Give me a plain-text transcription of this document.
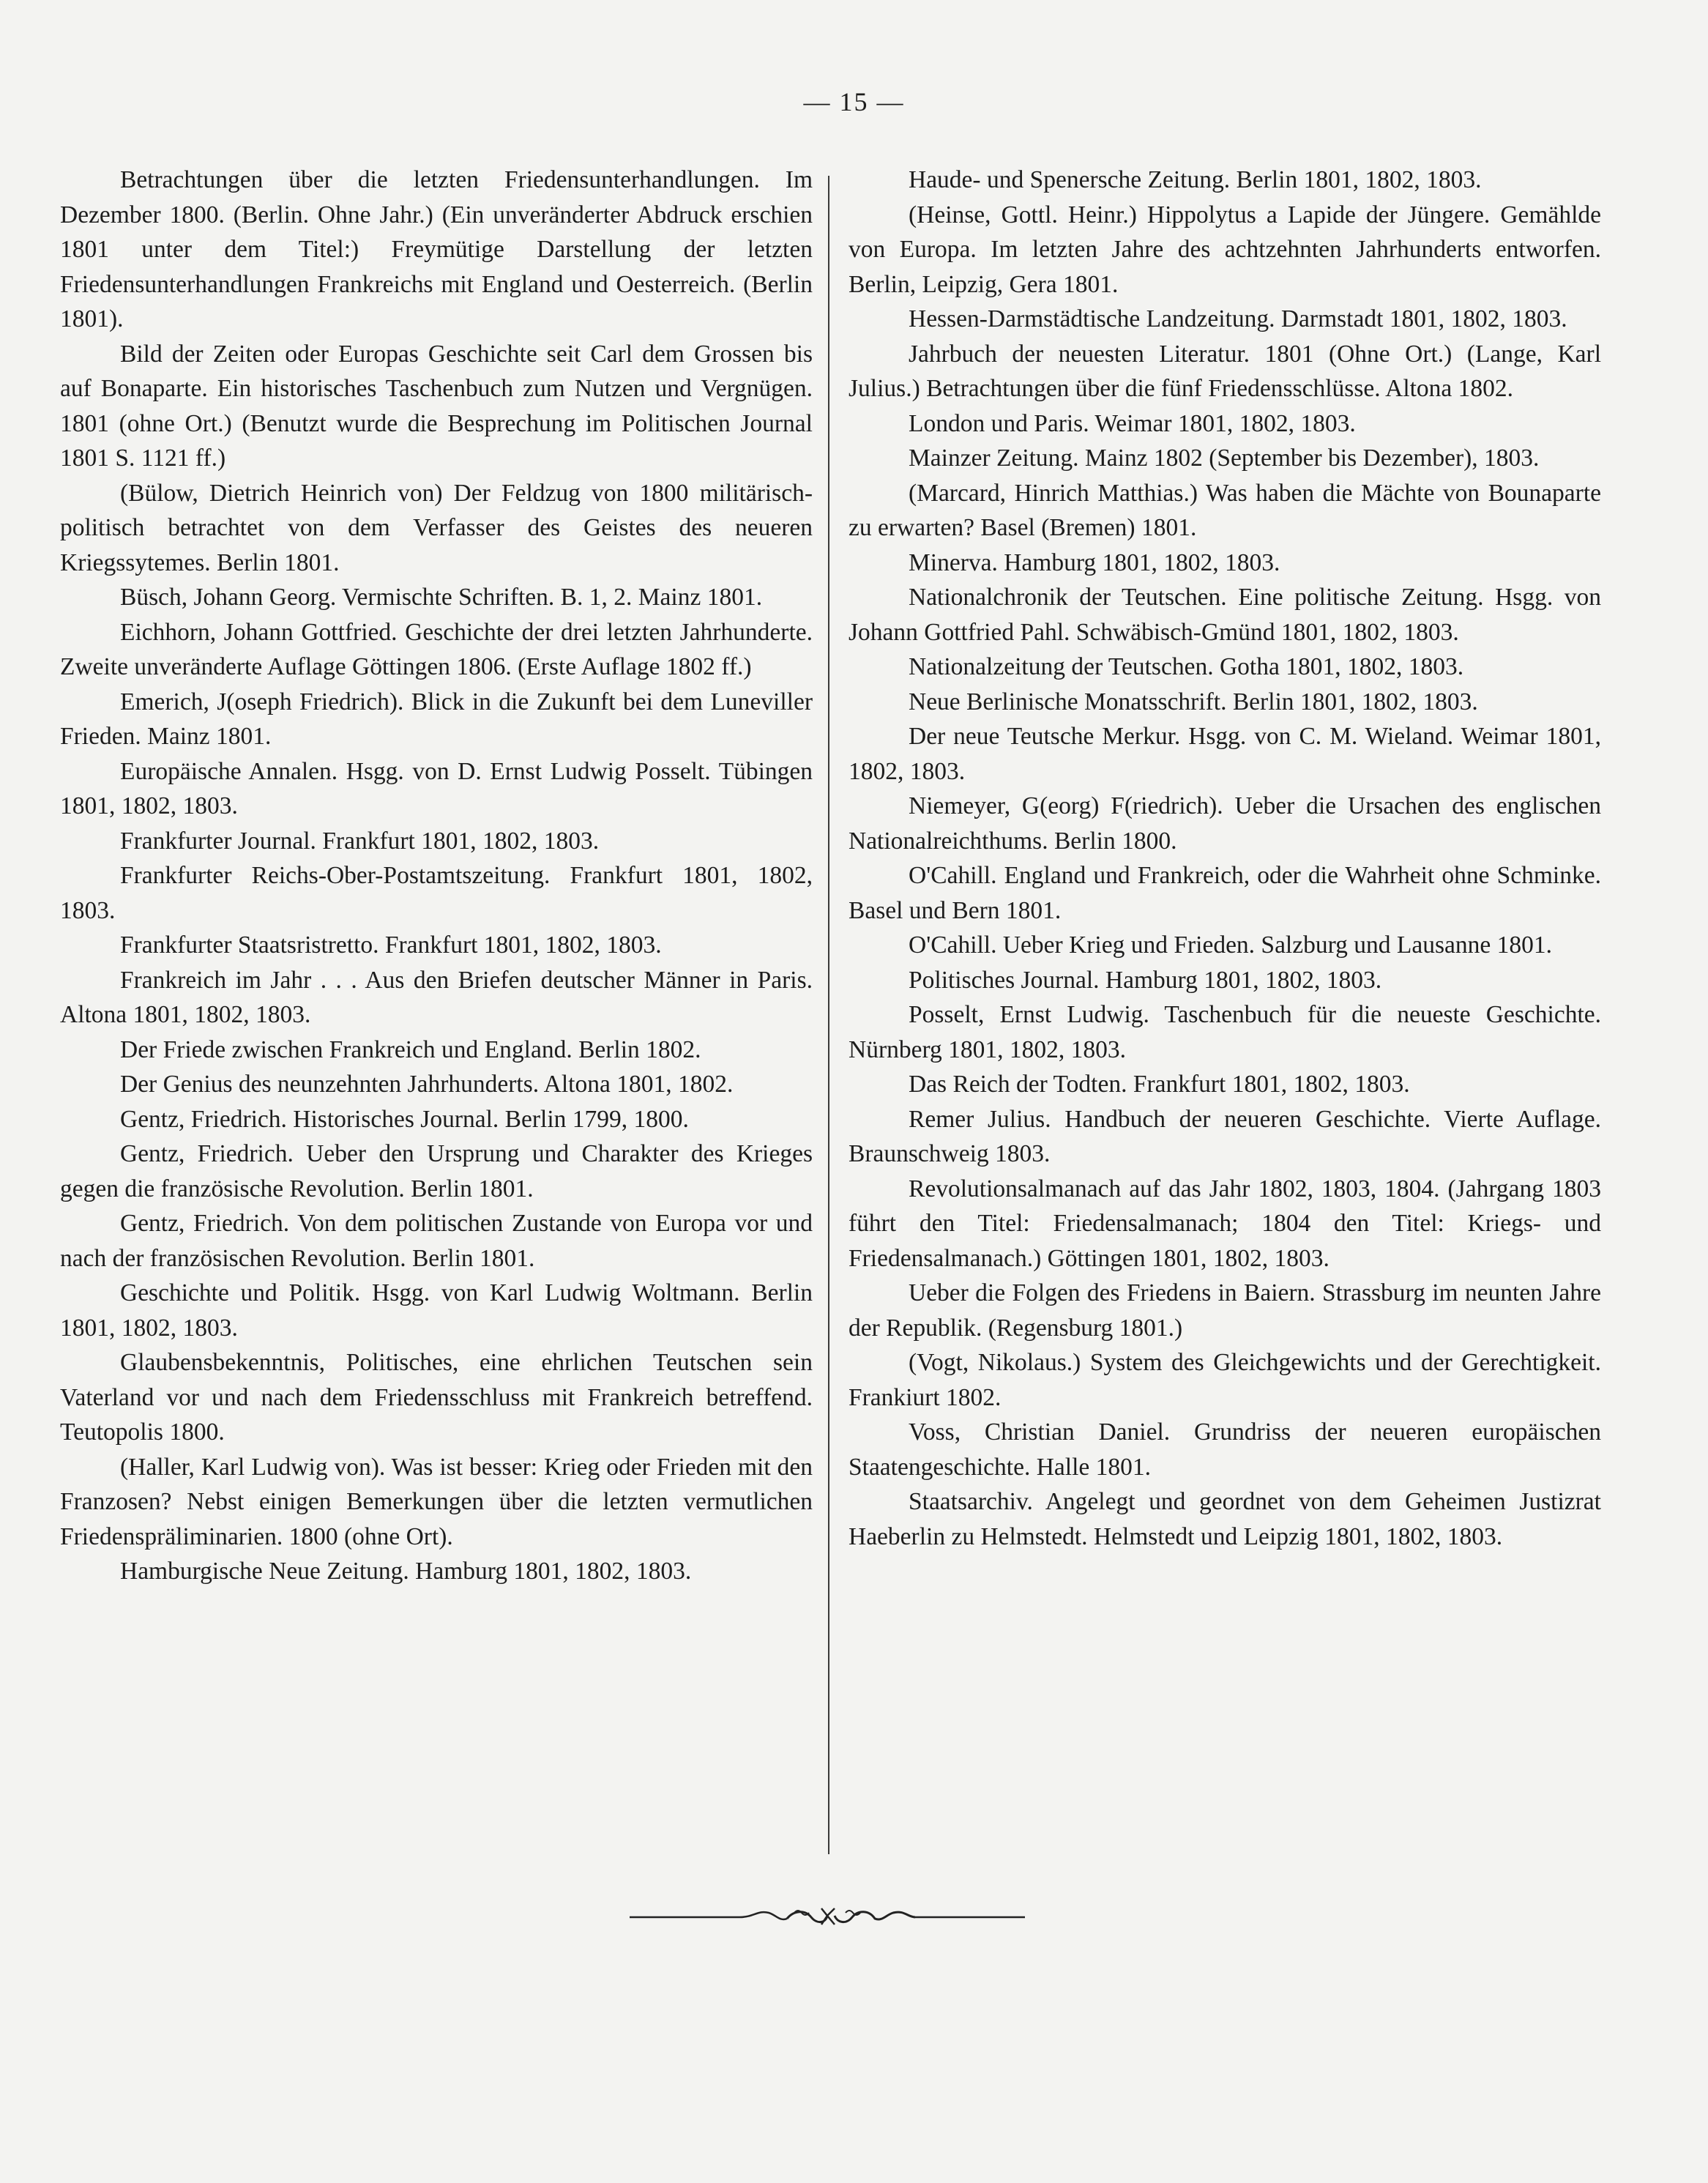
— 15 —

Betrachtungen über die letzten Friedensunterhandlungen. Im Dezember 1800. (Berlin. Ohne Jahr.) (Ein unveränderter Abdruck erschien 1801 unter dem Titel:) Freymütige Darstellung der letzten Friedensunterhandlungen Frankreichs mit England und Oesterreich. (Berlin 1801).

Bild der Zeiten oder Europas Geschichte seit Carl dem Grossen bis auf Bonaparte. Ein historisches Taschenbuch zum Nutzen und Vergnügen. 1801 (ohne Ort.) (Benutzt wurde die Besprechung im Politischen Journal 1801 S. 1121 ff.)

(Bülow, Dietrich Heinrich von) Der Feldzug von 1800 militärisch-politisch betrachtet von dem Verfasser des Geistes des neueren Kriegssytemes. Berlin 1801.

Büsch, Johann Georg. Vermischte Schriften. B. 1, 2. Mainz 1801.

Eichhorn, Johann Gottfried. Geschichte der drei letzten Jahrhunderte. Zweite unveränderte Auflage Göttingen 1806. (Erste Auflage 1802 ff.)

Emerich, J(oseph Friedrich). Blick in die Zukunft bei dem Luneviller Frieden. Mainz 1801.

Europäische Annalen. Hsgg. von D. Ernst Ludwig Posselt. Tübingen 1801, 1802, 1803.

Frankfurter Journal. Frankfurt 1801, 1802, 1803.

Frankfurter Reichs-Ober-Postamtszeitung. Frankfurt 1801, 1802, 1803.

Frankfurter Staatsristretto. Frankfurt 1801, 1802, 1803.

Frankreich im Jahr . . . Aus den Briefen deutscher Männer in Paris. Altona 1801, 1802, 1803.

Der Friede zwischen Frankreich und England. Berlin 1802.

Der Genius des neunzehnten Jahrhunderts. Altona 1801, 1802.

Gentz, Friedrich. Historisches Journal. Berlin 1799, 1800.

Gentz, Friedrich. Ueber den Ursprung und Charakter des Krieges gegen die französische Revolution. Berlin 1801.

Gentz, Friedrich. Von dem politischen Zustande von Europa vor und nach der französischen Revolution. Berlin 1801.

Geschichte und Politik. Hsgg. von Karl Ludwig Woltmann. Berlin 1801, 1802, 1803.

Glaubensbekenntnis, Politisches, eine ehrlichen Teutschen sein Vaterland vor und nach dem Friedensschluss mit Frankreich betreffend. Teutopolis 1800.

(Haller, Karl Ludwig von). Was ist besser: Krieg oder Frieden mit den Franzosen? Nebst einigen Bemerkungen über die letzten vermutlichen Friedenspräliminarien. 1800 (ohne Ort).

Hamburgische Neue Zeitung. Hamburg 1801, 1802, 1803.

Haude- und Spenersche Zeitung. Berlin 1801, 1802, 1803.

(Heinse, Gottl. Heinr.) Hippolytus a Lapide der Jüngere. Gemählde von Europa. Im letzten Jahre des achtzehnten Jahrhunderts entworfen. Berlin, Leipzig, Gera 1801.

Hessen-Darmstädtische Landzeitung. Darmstadt 1801, 1802, 1803.

Jahrbuch der neuesten Literatur. 1801 (Ohne Ort.) (Lange, Karl Julius.) Betrachtungen über die fünf Friedensschlüsse. Altona 1802.

London und Paris. Weimar 1801, 1802, 1803.

Mainzer Zeitung. Mainz 1802 (September bis Dezember), 1803.

(Marcard, Hinrich Matthias.) Was haben die Mächte von Bounaparte zu erwarten? Basel (Bremen) 1801.

Minerva. Hamburg 1801, 1802, 1803.

Nationalchronik der Teutschen. Eine politische Zeitung. Hsgg. von Johann Gottfried Pahl. Schwäbisch-Gmünd 1801, 1802, 1803.

Nationalzeitung der Teutschen. Gotha 1801, 1802, 1803.

Neue Berlinische Monatsschrift. Berlin 1801, 1802, 1803.

Der neue Teutsche Merkur. Hsgg. von C. M. Wieland. Weimar 1801, 1802, 1803.

Niemeyer, G(eorg) F(riedrich). Ueber die Ursachen des englischen Nationalreichthums. Berlin 1800.

O'Cahill. England und Frankreich, oder die Wahrheit ohne Schminke. Basel und Bern 1801.

O'Cahill. Ueber Krieg und Frieden. Salzburg und Lausanne 1801.

Politisches Journal. Hamburg 1801, 1802, 1803.

Posselt, Ernst Ludwig. Taschenbuch für die neueste Geschichte. Nürnberg 1801, 1802, 1803.

Das Reich der Todten. Frankfurt 1801, 1802, 1803.

Remer Julius. Handbuch der neueren Geschichte. Vierte Auflage. Braunschweig 1803.

Revolutionsalmanach auf das Jahr 1802, 1803, 1804. (Jahrgang 1803 führt den Titel: Friedensalmanach; 1804 den Titel: Kriegs- und Friedensalmanach.) Göttingen 1801, 1802, 1803.

Ueber die Folgen des Friedens in Baiern. Strassburg im neunten Jahre der Republik. (Regensburg 1801.)

(Vogt, Nikolaus.) System des Gleichgewichts und der Gerechtigkeit. Frankiurt 1802.

Voss, Christian Daniel. Grundriss der neueren europäischen Staatengeschichte. Halle 1801.

Staatsarchiv. Angelegt und geordnet von dem Geheimen Justizrat Haeberlin zu Helmstedt. Helmstedt und Leipzig 1801, 1802, 1803.
